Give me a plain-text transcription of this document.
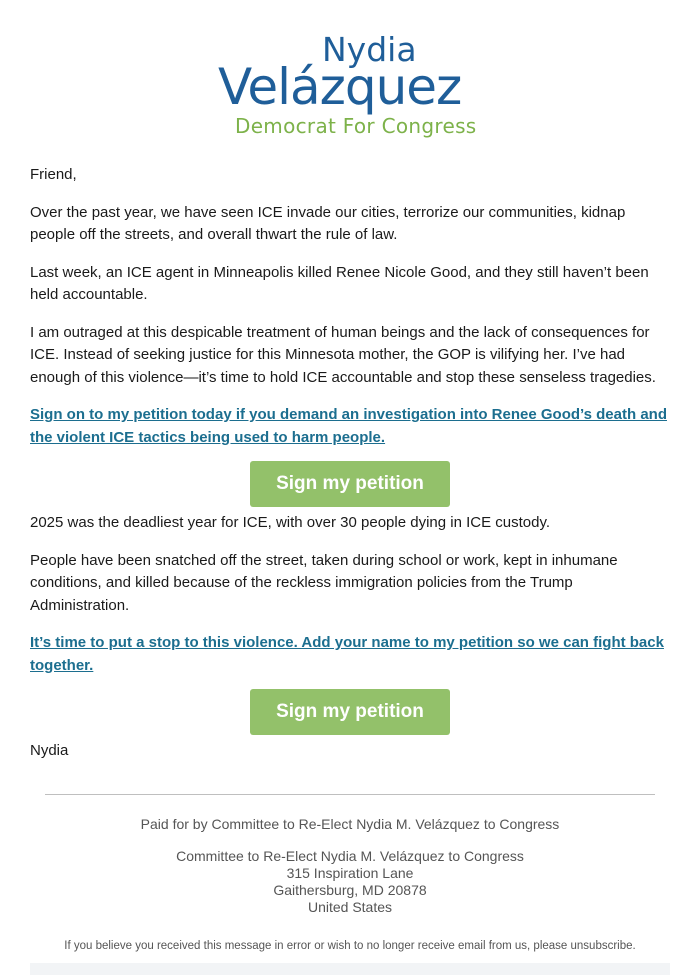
Nydia
Velázquez
Democrat For Congress

Friend,

Over the past year, we have seen ICE invade our cities, terrorize our communities, kidnap people off the streets, and overall thwart the rule of law.

Last week, an ICE agent in Minneapolis killed Renee Nicole Good, and they still haven’t been held accountable.

I am outraged at this despicable treatment of human beings and the lack of consequences for ICE. Instead of seeking justice for this Minnesota mother, the GOP is vilifying her. I’ve had enough of this violence—it’s time to hold ICE accountable and stop these senseless tragedies.

Sign on to my petition today if you demand an investigation into Renee Good’s death and the violent ICE tactics being used to harm people.

Sign my petition

2025 was the deadliest year for ICE, with over 30 people dying in ICE custody.

People have been snatched off the street, taken during school or work, kept in inhumane conditions, and killed because of the reckless immigration policies from the Trump Administration.

It’s time to put a stop to this violence. Add your name to my petition so we can fight back together.

Sign my petition

Nydia

Paid for by Committee to Re-Elect Nydia M. Velázquez to Congress
Committee to Re-Elect Nydia M. Velázquez to Congress
315 Inspiration Lane
Gaithersburg, MD 20878
United States
If you believe you received this message in error or wish to no longer receive email from us, please unsubscribe.
